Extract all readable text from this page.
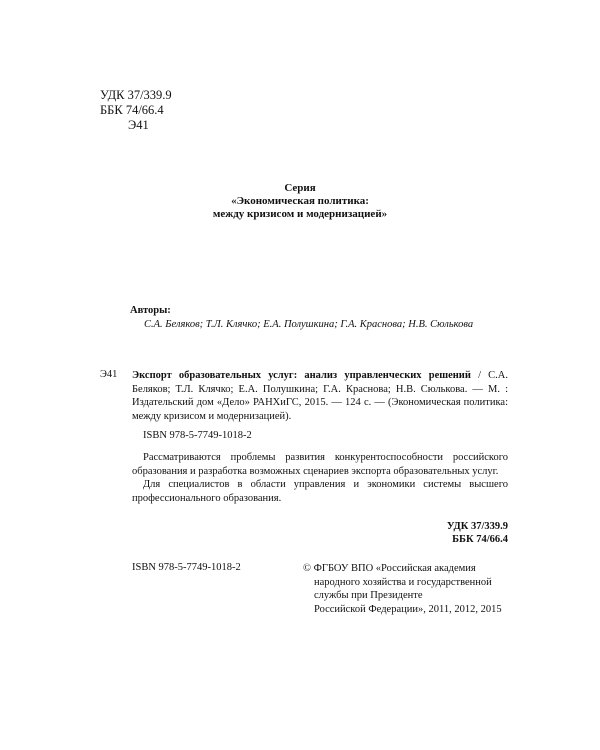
УДК 37/339.9
ББК 74/66.4
Э41
Серия
«Экономическая политика:
между кризисом и модернизацией»
Авторы:
С.А. Беляков; Т.Л. Клячко; Е.А. Полушкина; Г.А. Краснова; Н.В. Сюлькова
Э41 Экспорт образовательных услуг: анализ управленческих решений / С.А. Беляков; Т.Л. Клячко; Е.А. Полушкина; Г.А. Краснова; Н.В. Сюлькова. — М. : Издательский дом «Дело» РАНХиГС, 2015. — 124 с. — (Экономическая политика: между кризисом и модернизацией).
ISBN 978-5-7749-1018-2

Рассматриваются проблемы развития конкурентоспособности российского образования и разработка возможных сценариев экспорта образовательных услуг.

Для специалистов в области управления и экономики системы высшего профессионального образования.

УДК 37/339.9
ББК 74/66.4
ISBN 978-5-7749-1018-2	© ФГБОУ ВПО «Российская академия
народного хозяйства и государственной
службы при Президенте
Российской Федерации», 2011, 2012, 2015
